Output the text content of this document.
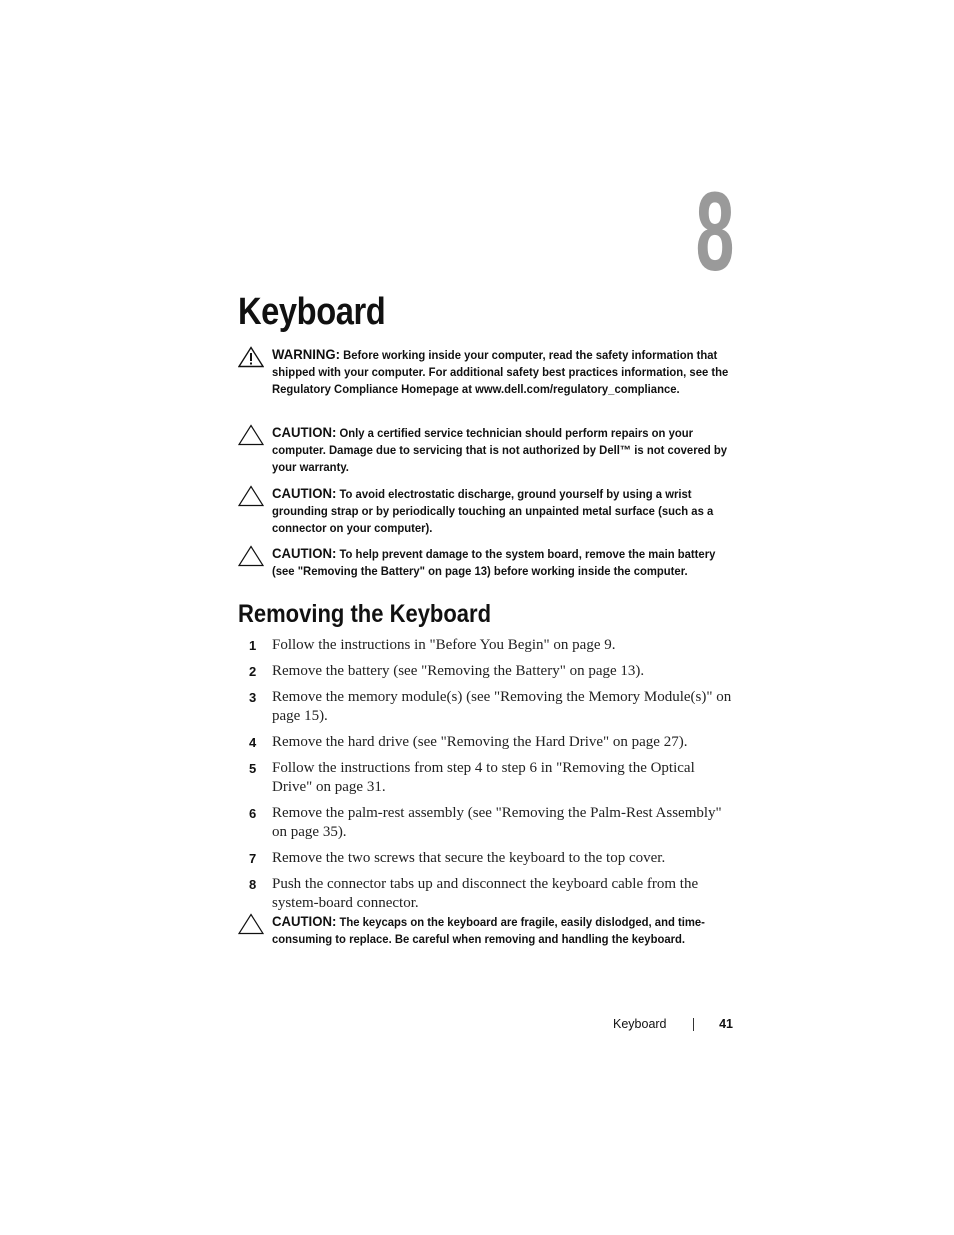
8
Keyboard
WARNING: Before working inside your computer, read the safety information that shipped with your computer. For additional safety best practices information, see the Regulatory Compliance Homepage at www.dell.com/regulatory_compliance.
CAUTION: Only a certified service technician should perform repairs on your computer. Damage due to servicing that is not authorized by Dell™ is not covered by your warranty.
CAUTION: To avoid electrostatic discharge, ground yourself by using a wrist grounding strap or by periodically touching an unpainted metal surface (such as a connector on your computer).
CAUTION: To help prevent damage to the system board, remove the main battery (see "Removing the Battery" on page 13) before working inside the computer.
Removing the Keyboard
1 Follow the instructions in "Before You Begin" on page 9.
2 Remove the battery (see "Removing the Battery" on page 13).
3 Remove the memory module(s) (see "Removing the Memory Module(s)" on page 15).
4 Remove the hard drive (see "Removing the Hard Drive" on page 27).
5 Follow the instructions from step 4 to step 6 in "Removing the Optical Drive" on page 31.
6 Remove the palm-rest assembly (see "Removing the Palm-Rest Assembly" on page 35).
7 Remove the two screws that secure the keyboard to the top cover.
8 Push the connector tabs up and disconnect the keyboard cable from the system-board connector.
CAUTION: The keycaps on the keyboard are fragile, easily dislodged, and time-consuming to replace. Be careful when removing and handling the keyboard.
Keyboard	41
